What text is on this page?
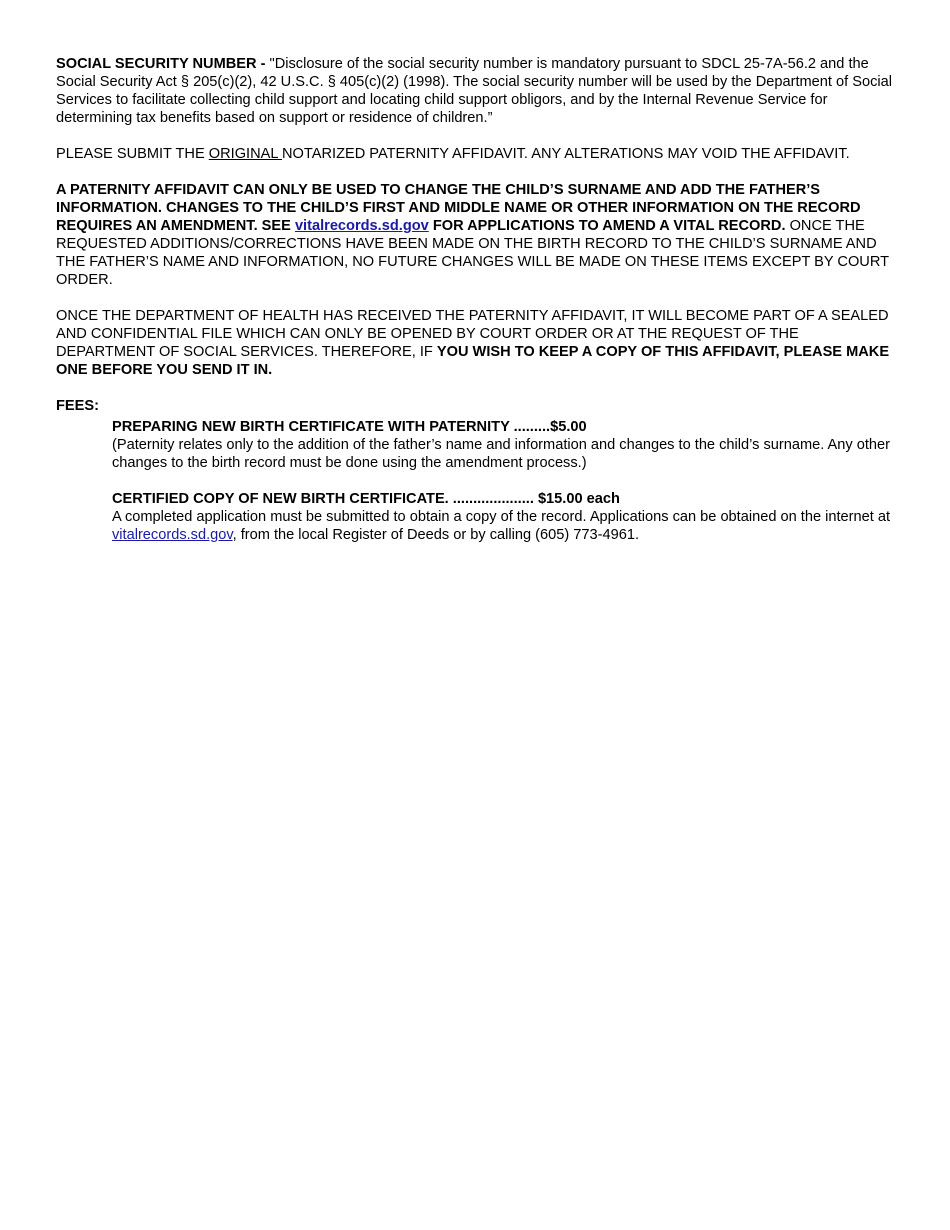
SOCIAL SECURITY NUMBER - "Disclosure of the social security number is mandatory pursuant to SDCL 25-7A-56.2 and the Social Security Act § 205(c)(2), 42 U.S.C. § 405(c)(2) (1998). The social security number will be used by the Department of Social Services to facilitate collecting child support and locating child support obligors, and by the Internal Revenue Service for determining tax benefits based on support or residence of children.”

PLEASE SUBMIT THE ORIGINAL NOTARIZED PATERNITY AFFIDAVIT. ANY ALTERATIONS MAY VOID THE AFFIDAVIT.

A PATERNITY AFFIDAVIT CAN ONLY BE USED TO CHANGE THE CHILD’S SURNAME AND ADD THE FATHER’S INFORMATION. CHANGES TO THE CHILD’S FIRST AND MIDDLE NAME OR OTHER INFORMATION ON THE RECORD REQUIRES AN AMENDMENT. SEE vitalrecords.sd.gov FOR APPLICATIONS TO AMEND A VITAL RECORD. ONCE THE REQUESTED ADDITIONS/CORRECTIONS HAVE BEEN MADE ON THE BIRTH RECORD TO THE CHILD’S SURNAME AND THE FATHER’S NAME AND INFORMATION, NO FUTURE CHANGES WILL BE MADE ON THESE ITEMS EXCEPT BY COURT ORDER.

ONCE THE DEPARTMENT OF HEALTH HAS RECEIVED THE PATERNITY AFFIDAVIT, IT WILL BECOME PART OF A SEALED AND CONFIDENTIAL FILE WHICH CAN ONLY BE OPENED BY COURT ORDER OR AT THE REQUEST OF THE DEPARTMENT OF SOCIAL SERVICES. THEREFORE, IF YOU WISH TO KEEP A COPY OF THIS AFFIDAVIT, PLEASE MAKE ONE BEFORE YOU SEND IT IN.

FEES:
PREPARING NEW BIRTH CERTIFICATE WITH PATERNITY .........$5.00
(Paternity relates only to the addition of the father’s name and information and changes to the child’s surname. Any other changes to the birth record must be done using the amendment process.)
CERTIFIED COPY OF NEW BIRTH CERTIFICATE. .................... $15.00 each
A completed application must be submitted to obtain a copy of the record. Applications can be obtained on the internet at vitalrecords.sd.gov, from the local Register of Deeds or by calling (605) 773-4961.
